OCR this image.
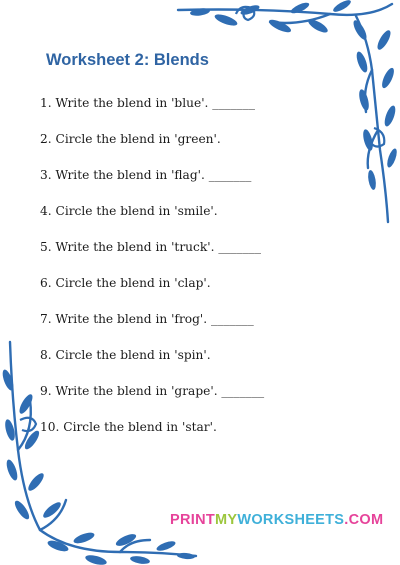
Worksheet 2: Blends
1. Write the blend in 'blue'. _______
2. Circle the blend in 'green'.
3. Write the blend in 'flag'. _______
4. Circle the blend in 'smile'.
5. Write the blend in 'truck'. _______
6. Circle the blend in 'clap'.
7. Write the blend in 'frog'. _______
8. Circle the blend in 'spin'.
9. Write the blend in 'grape'. _______
10. Circle the blend in 'star'.
PRINTMYWORKSHEETS.COM
